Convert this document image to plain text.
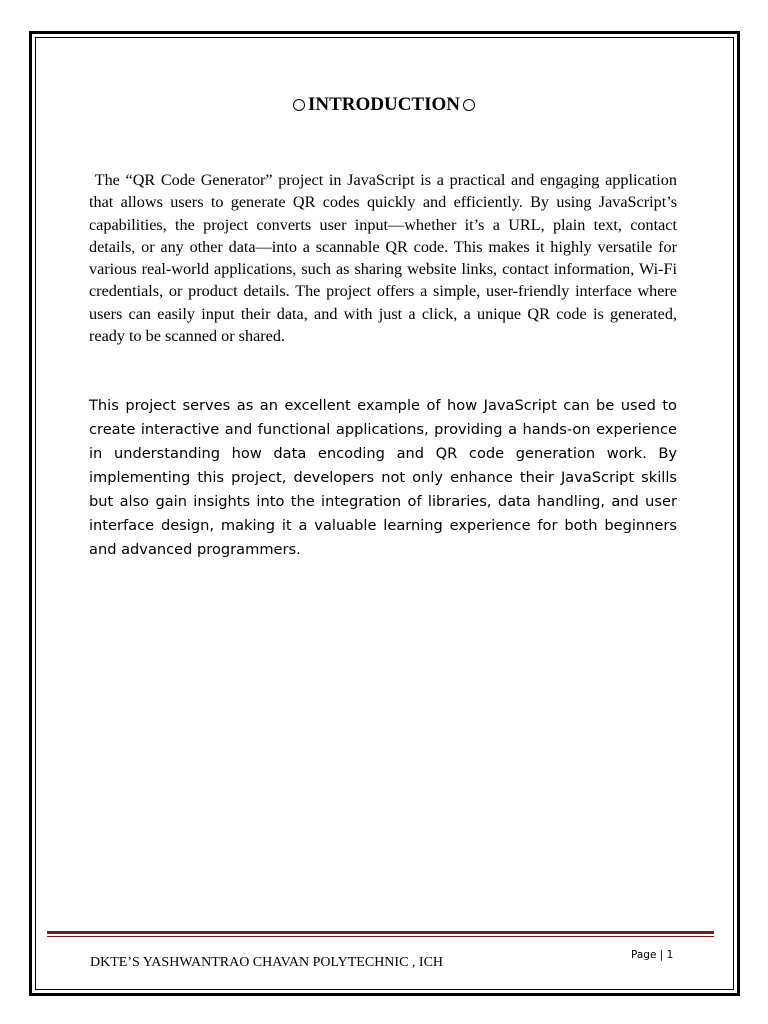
INTRODUCTION
The “QR Code Generator” project in JavaScript is a practical and engaging application that allows users to generate QR codes quickly and efficiently. By using JavaScript’s capabilities, the project converts user input—whether it’s a URL, plain text, contact details, or any other data—into a scannable QR code. This makes it highly versatile for various real-world applications, such as sharing website links, contact information, Wi-Fi credentials, or product details. The project offers a simple, user-friendly interface where users can easily input their data, and with just a click, a unique QR code is generated, ready to be scanned or shared.
This project serves as an excellent example of how JavaScript can be used to create interactive and functional applications, providing a hands-on experience in understanding how data encoding and QR code generation work. By implementing this project, developers not only enhance their JavaScript skills but also gain insights into the integration of libraries, data handling, and user interface design, making it a valuable learning experience for both beginners and advanced programmers.
DKTE’S YASHWANTRAO CHAVAN POLYTECHNIC , ICH	Page | 1
